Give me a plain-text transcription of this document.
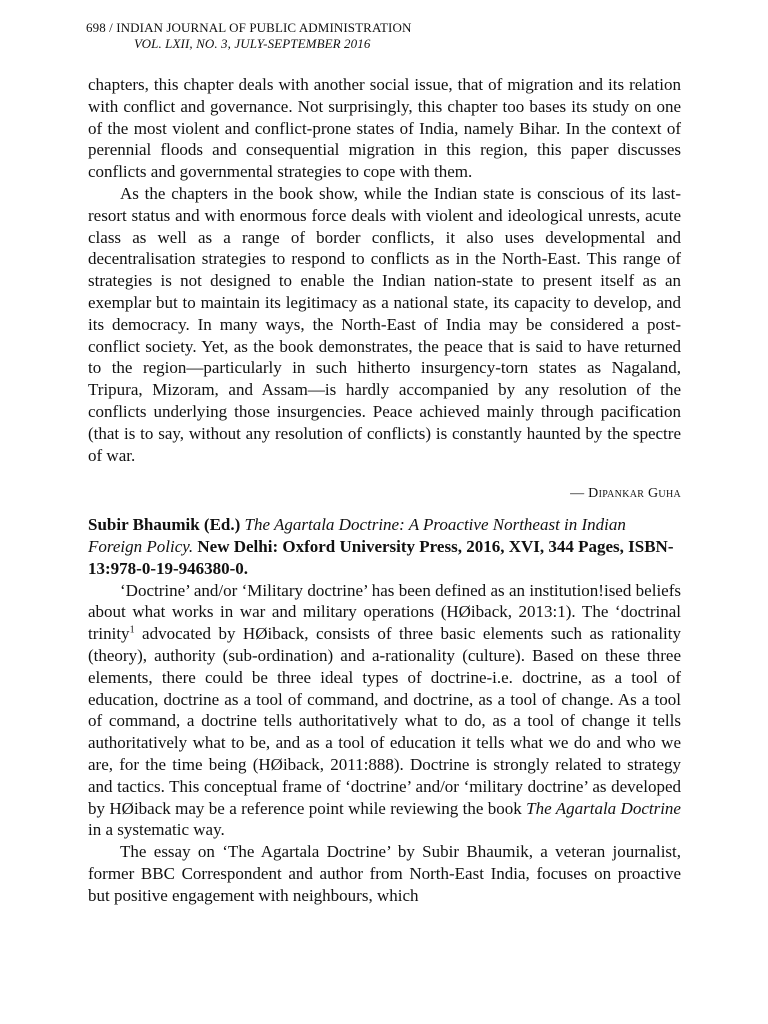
698 / INDIAN JOURNAL OF PUBLIC ADMINISTRATION
VOL. LXII, NO. 3, JULY-SEPTEMBER 2016

chapters, this chapter deals with another social issue, that of migration and its relation with conflict and governance. Not surprisingly, this chapter too bases its study on one of the most violent and conflict-prone states of India, namely Bihar. In the context of perennial floods and consequential migration in this region, this paper discusses conflicts and governmental strategies to cope with them.

As the chapters in the book show, while the Indian state is conscious of its last-resort status and with enormous force deals with violent and ideological unrests, acute class as well as a range of border conflicts, it also uses developmental and decentralisation strategies to respond to conflicts as in the North-East. This range of strategies is not designed to enable the Indian nation-state to present itself as an exemplar but to maintain its legitimacy as a national state, its capacity to develop, and its democracy. In many ways, the North-East of India may be considered a post-conflict society. Yet, as the book demonstrates, the peace that is said to have returned to the region—particularly in such hitherto insurgency-torn states as Nagaland, Tripura, Mizoram, and Assam—is hardly accompanied by any resolution of the conflicts underlying those insurgencies. Peace achieved mainly through pacification (that is to say, without any resolution of conflicts) is constantly haunted by the spectre of war.

— Dipankar Guha

Subir Bhaumik (Ed.) The Agartala Doctrine: A Proactive Northeast in Indian Foreign Policy. New Delhi: Oxford University Press, 2016, XVI, 344 Pages, ISBN-13:978-0-19-946380-0.

‘Doctrine’ and/or ‘Military doctrine’ has been defined as an institution!ised beliefs about what works in war and military operations (HØiback, 2013:1). The ‘doctrinal trinity$^1$ advocated by HØiback, consists of three basic elements such as rationality (theory), authority (sub-ordination) and a-rationality (culture). Based on these three elements, there could be three ideal types of doctrine-i.e. doctrine, as a tool of education, doctrine as a tool of command, and doctrine, as a tool of change. As a tool of command, a doctrine tells authoritatively what to do, as a tool of change it tells authoritatively what to be, and as a tool of education it tells what we do and who we are, for the time being (HØiback, 2011:888). Doctrine is strongly related to strategy and tactics. This conceptual frame of ‘doctrine’ and/or ‘military doctrine’ as developed by HØiback may be a reference point while reviewing the book The Agartala Doctrine in a systematic way.

The essay on ‘The Agartala Doctrine’ by Subir Bhaumik, a veteran journalist, former BBC Correspondent and author from North-East India, focuses on proactive but positive engagement with neighbours, which
